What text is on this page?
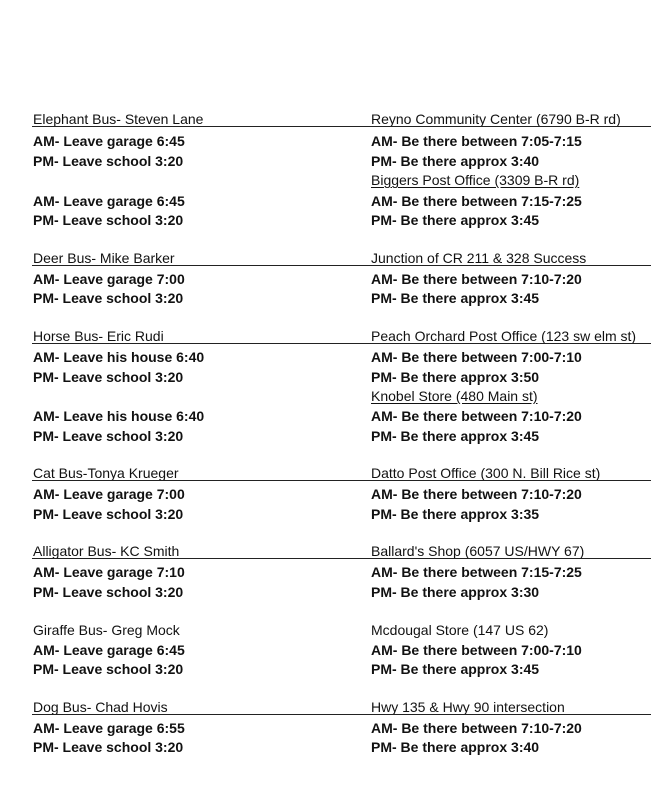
Elephant Bus- Steven Lane	Reyno Community Center (6790 B-R rd)
AM- Leave garage 6:45	AM- Be there between 7:05-7:15
PM- Leave school 3:20	PM- Be there approx 3:40
Biggers Post Office (3309 B-R rd)
AM- Leave garage 6:45	AM- Be there between 7:15-7:25
PM- Leave school 3:20	PM- Be there approx 3:45
Deer Bus- Mike Barker	Junction of CR 211 & 328 Success
AM- Leave garage 7:00	AM- Be there between 7:10-7:20
PM- Leave school 3:20	PM- Be there approx 3:45
Horse Bus- Eric Rudi	Peach Orchard Post Office (123 sw elm st)
AM- Leave his house 6:40	AM- Be there between 7:00-7:10
PM- Leave school 3:20	PM- Be there approx 3:50
Knobel Store (480 Main st)
AM- Leave his house 6:40	AM- Be there between 7:10-7:20
PM- Leave school 3:20	PM- Be there approx 3:45
Cat Bus-Tonya Krueger	Datto Post Office (300 N. Bill Rice st)
AM- Leave garage 7:00	AM- Be there between 7:10-7:20
PM- Leave school 3:20	PM- Be there approx 3:35
Alligator Bus- KC Smith	Ballard's Shop (6057 US/HWY 67)
AM- Leave garage 7:10	AM- Be there between 7:15-7:25
PM- Leave school 3:20	PM- Be there approx 3:30
Giraffe Bus- Greg Mock	Mcdougal Store (147 US 62)
AM- Leave garage 6:45	AM- Be there between 7:00-7:10
PM- Leave school 3:20	PM- Be there approx 3:45
Dog Bus- Chad Hovis	Hwy 135 & Hwy 90 intersection
AM- Leave garage 6:55	AM- Be there between 7:10-7:20
PM- Leave school 3:20	PM- Be there approx 3:40
